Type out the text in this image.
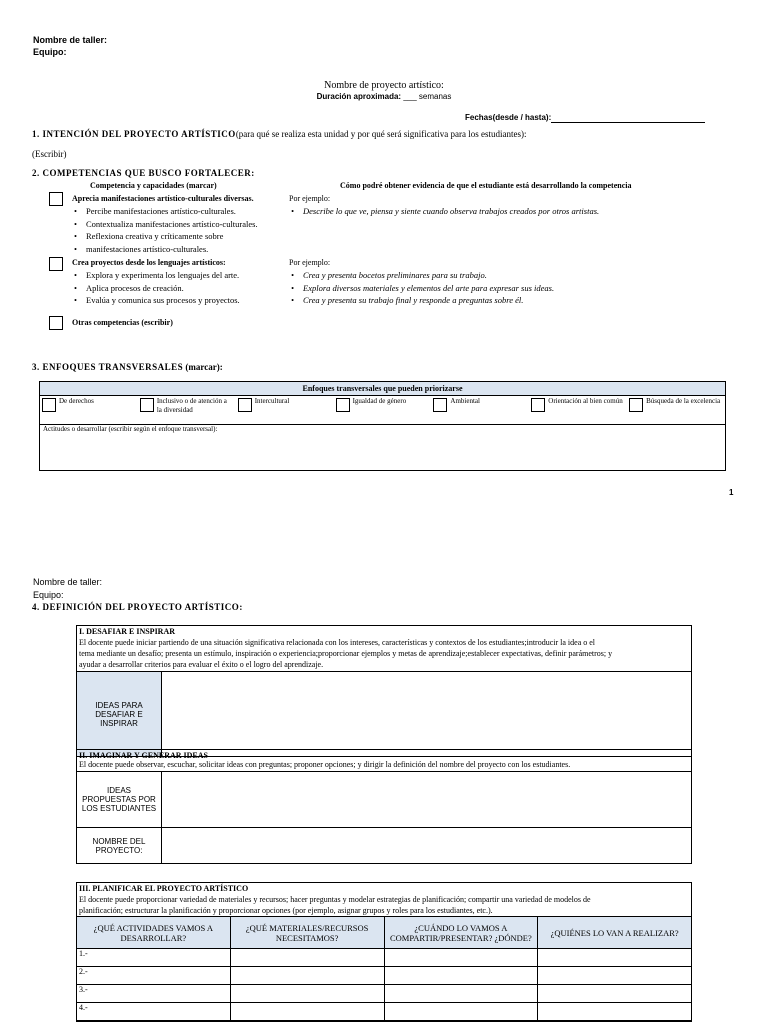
Nombre de taller:
Equipo:
Nombre de proyecto artístico:
Duración aproximada: ___ semanas
Fechas(desde / hasta):
1. INTENCIÓN DEL PROYECTO ARTÍSTICO(para qué se realiza esta unidad y por qué será significativa para los estudiantes):
(Escribir)
2. COMPETENCIAS QUE BUSCO FORTALECER:
Competencia y capacidades (marcar)	Cómo podré obtener evidencia de que el estudiante está desarrollando la competencia
Aprecia manifestaciones artístico-culturales diversas.
• Percibe manifestaciones artístico-culturales.
• Contextualiza manifestaciones artístico-culturales.
• Reflexiona creativa y críticamente sobre
• manifestaciones artístico-culturales.
Por ejemplo:
• Describe lo que ve, piensa y siente cuando observa trabajos creados por otros artistas.
Crea proyectos desde los lenguajes artísticos:
• Explora y experimenta los lenguajes del arte.
• Aplica procesos de creación.
• Evalúa y comunica sus procesos y proyectos.
Por ejemplo:
• Crea y presenta bocetos preliminares para su trabajo.
• Explora diversos materiales y elementos del arte para expresar sus ideas.
• Crea y presenta su trabajo final y responde a preguntas sobre él.
Otras competencias (escribir)
3. ENFOQUES TRANSVERSALES (marcar):
Enfoques transversales que pueden priorizarse
De derechos	Inclusivo o de atención a la diversidad
Intercultural	Igualdad de género	Ambiental	Orientación al bien común	Búsqueda de la excelencia
Actitudes o desarrollar (escribir según el enfoque transversal):
1
Nombre de taller:
Equipo:
4. DEFINICIÓN DEL PROYECTO ARTÍSTICO:
I. DESAFIAR E INSPIRAR
El docente puede iniciar partiendo de una situación significativa relacionada con los intereses, características y contextos de los estudiantes;introducir la idea o el
tema mediante un desafío; presenta un estímulo, inspiración o experiencia;proporcionar ejemplos y metas de aprendizaje;establecer expectativas, definir parámetros; y
ayudar a desarrollar criterios para evaluar el éxito o el logro del aprendizaje.
IDEAS PARA DESAFIAR E INSPIRAR
II. IMAGINAR Y GENERAR IDEAS
El docente puede observar, escuchar, solicitar ideas con preguntas; proponer opciones; y dirigir la definición del nombre del proyecto con los estudiantes.
IDEAS PROPUESTAS POR LOS ESTUDIANTES
NOMBRE DEL PROYECTO:
III. PLANIFICAR EL PROYECTO ARTÍSTICO
El docente puede proporcionar variedad de materiales y recursos; hacer preguntas y modelar estrategias de planificación; compartir una variedad de modelos de
planificación; estructurar la planificación y proporcionar opciones (por ejemplo, asignar grupos y roles para los estudiantes, etc.).
¿QUÉ ACTIVIDADES VAMOS A DESARROLLAR?	¿QUÉ MATERIALES/RECURSOS NECESITAMOS?	¿CUÁNDO LO VAMOS A COMPARTIR/PRESENTAR? ¿DÓNDE?	¿QUIÉNES LO VAN A REALIZAR?
1.-			
2.-			
3.-			
4.-			
